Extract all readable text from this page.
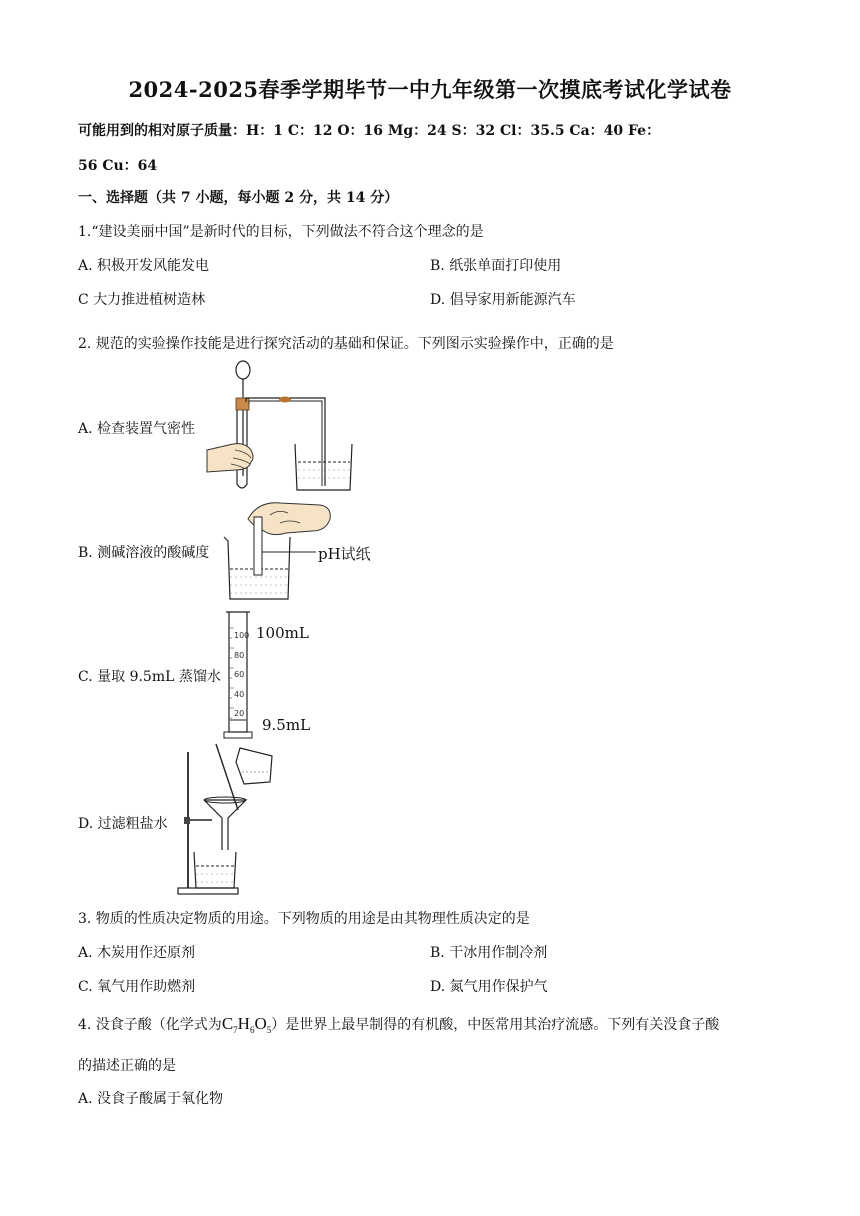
2024-2025春季学期毕节一中九年级第一次摸底考试化学试卷
可能用到的相对原子质量：H：1 C：12 O：16 Mg：24 S：32 Cl：35.5 Ca：40 Fe：
56 Cu：64
一、选择题（共 7 小题，每小题 2 分，共 14 分）
1.“建设美丽中国”是新时代的目标，下列做法不符合这个理念的是
A. 积极开发风能发电	B. 纸张单面打印使用
C 大力推进植树造林	D. 倡导家用新能源汽车
2. 规范的实验操作技能是进行探究活动的基础和保证。下列图示实验操作中，正确的是
A. 检查装置气密性
B. 测碱溶液的酸碱度	pH试纸
C. 量取 9.5mL 蒸馏水
100
80
60
40
20
100mL
9.5mL
D. 过滤粗盐水
3. 物质的性质决定物质的用途。下列物质的用途是由其物理性质决定的是
A. 木炭用作还原剂	B. 干冰用作制冷剂
C. 氧气用作助燃剂	D. 氮气用作保护气
4. 没食子酸（化学式为$C_7H_6O_5$）是世界上最早制得的有机酸，中医常用其治疗流感。下列有关没食子酸
的描述正确的是
A. 没食子酸属于氧化物
